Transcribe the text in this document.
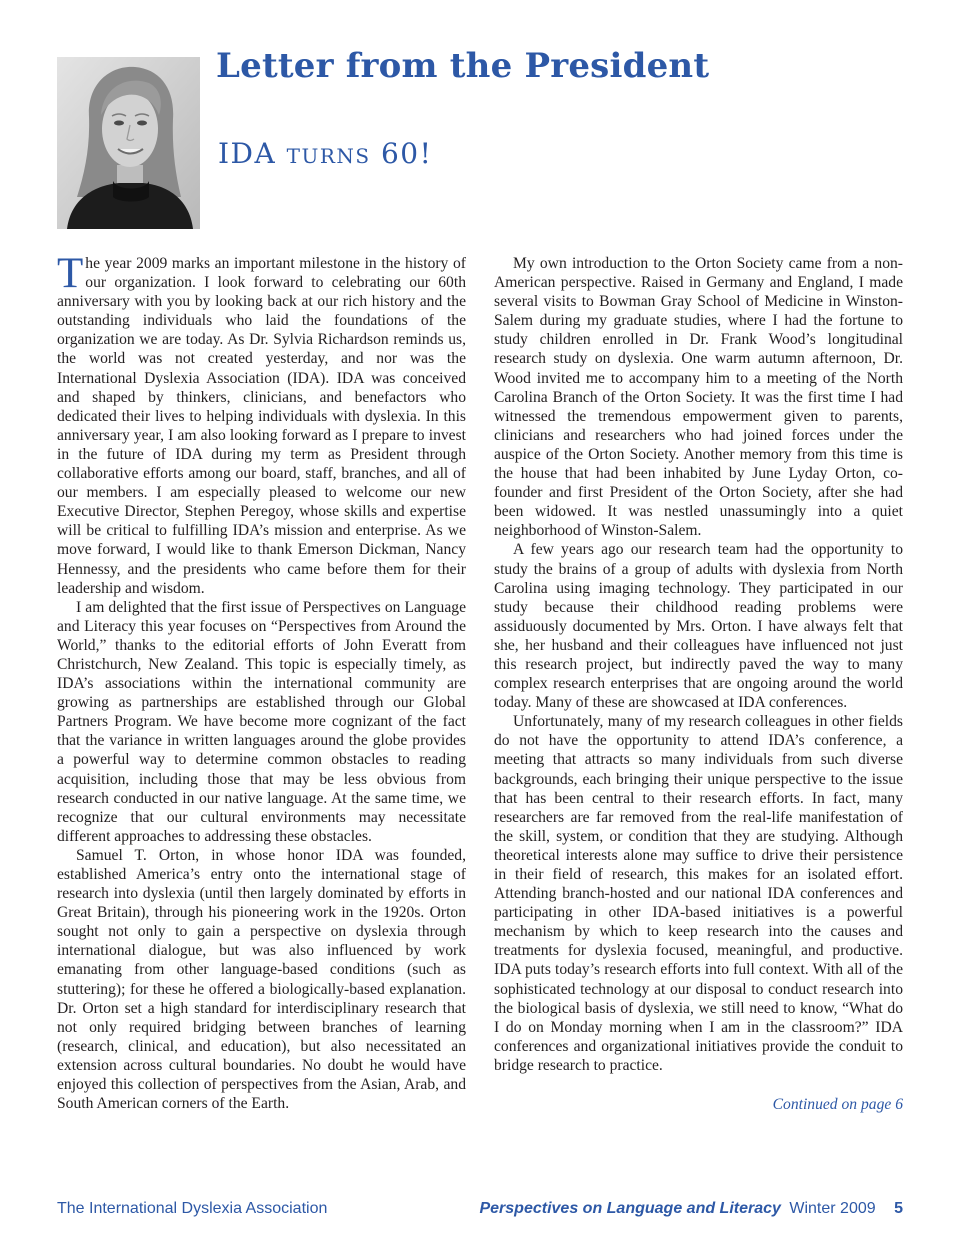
Letter from the President
IDA turns 60!

The year 2009 marks an important milestone in the history of our organization. I look forward to celebrating our 60th anniversary with you by looking back at our rich history and the outstanding individuals who laid the foundations of the organization we are today. As Dr. Sylvia Richardson reminds us, the world was not created yesterday, and nor was the International Dyslexia Association (IDA). IDA was conceived and shaped by thinkers, clinicians, and benefactors who dedicated their lives to helping individuals with dyslexia. In this anniversary year, I am also looking forward as I prepare to invest in the future of IDA during my term as President through collaborative efforts among our board, staff, branches, and all of our members. I am especially pleased to welcome our new Executive Director, Stephen Peregoy, whose skills and expertise will be critical to fulfilling IDA’s mission and enterprise. As we move forward, I would like to thank Emerson Dickman, Nancy Hennessy, and the presidents who came before them for their leadership and wisdom.

I am delighted that the first issue of Perspectives on Language and Literacy this year focuses on “Perspectives from Around the World,” thanks to the editorial efforts of John Everatt from Christchurch, New Zealand. This topic is especially timely, as IDA’s associations within the international community are growing as partnerships are established through our Global Partners Program. We have become more cognizant of the fact that the variance in written languages around the globe provides a powerful way to determine common obstacles to reading acquisition, including those that may be less obvious from research conducted in our native language. At the same time, we recognize that our cultural environments may necessitate different approaches to addressing these obstacles.

Samuel T. Orton, in whose honor IDA was founded, established America’s entry onto the international stage of research into dyslexia (until then largely dominated by efforts in Great Britain), through his pioneering work in the 1920s. Orton sought not only to gain a perspective on dyslexia through international dialogue, but was also influenced by work emanating from other language-based conditions (such as stuttering); for these he offered a biologically-based explanation. Dr. Orton set a high standard for interdisciplinary research that not only required bridging between branches of learning (research, clinical, and education), but also necessitated an extension across cultural boundaries. No doubt he would have enjoyed this collection of perspectives from the Asian, Arab, and South American corners of the Earth.

My own introduction to the Orton Society came from a non-American perspective. Raised in Germany and England, I made several visits to Bowman Gray School of Medicine in Winston-Salem during my graduate studies, where I had the fortune to study children enrolled in Dr. Frank Wood’s longitudinal research study on dyslexia. One warm autumn afternoon, Dr. Wood invited me to accompany him to a meeting of the North Carolina Branch of the Orton Society. It was the first time I had witnessed the tremendous empowerment given to parents, clinicians and researchers who had joined forces under the auspice of the Orton Society. Another memory from this time is the house that had been inhabited by June Lyday Orton, co-founder and first President of the Orton Society, after she had been widowed. It was nestled unassumingly into a quiet neighborhood of Winston-Salem.

A few years ago our research team had the opportunity to study the brains of a group of adults with dyslexia from North Carolina using imaging technology. They participated in our study because their childhood reading problems were assiduously documented by Mrs. Orton. I have always felt that she, her husband and their colleagues have influenced not just this research project, but indirectly paved the way to many complex research enterprises that are ongoing around the world today. Many of these are showcased at IDA conferences.

Unfortunately, many of my research colleagues in other fields do not have the opportunity to attend IDA’s conference, a meeting that attracts so many individuals from such diverse backgrounds, each bringing their unique perspective to the issue that has been central to their research efforts. In fact, many researchers are far removed from the real-life manifestation of the skill, system, or condition that they are studying. Although theoretical interests alone may suffice to drive their persistence in their field of research, this makes for an isolated effort. Attending branch-hosted and our national IDA conferences and participating in other IDA-based initiatives is a powerful mechanism by which to keep research into the causes and treatments for dyslexia focused, meaningful, and productive. IDA puts today’s research efforts into full context. With all of the sophisticated technology at our disposal to conduct research into the biological basis of dyslexia, we still need to know, “What do I do on Monday morning when I am in the classroom?” IDA conferences and organizational initiatives provide the conduit to bridge research to practice.

Continued on page 6
The International Dyslexia Association	Perspectives on Language and Literacy Winter 2009 5
